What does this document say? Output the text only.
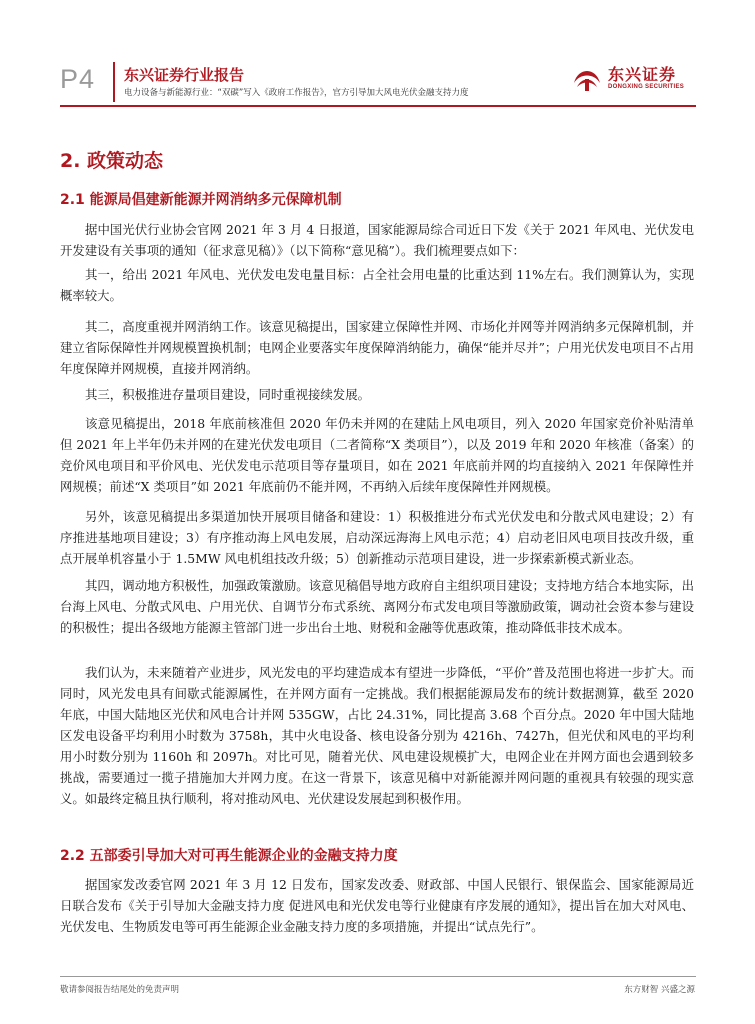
P4 东兴证券行业报告
电力设备与新能源行业：“双碳”写入《政府工作报告》，官方引导加大风电光伏金融支持力度
东兴证券
DONGXING SECURITIES
2. 政策动态
2.1 能源局倡建新能源并网消纳多元保障机制
据中国光伏行业协会官网 2021 年 3 月 4 日报道，国家能源局综合司近日下发《关于 2021 年风电、光伏发电开发建设有关事项的通知（征求意见稿）》（以下简称“意见稿”）。我们梳理要点如下：
其一，给出 2021 年风电、光伏发电发电量目标：占全社会用电量的比重达到 11%左右。我们测算认为，实现概率较大。
其二，高度重视并网消纳工作。该意见稿提出，国家建立保障性并网、市场化并网等并网消纳多元保障机制，并建立省际保障性并网规模置换机制；电网企业要落实年度保障消纳能力，确保“能并尽并”；户用光伏发电项目不占用年度保障并网规模，直接并网消纳。
其三，积极推进存量项目建设，同时重视接续发展。
该意见稿提出，2018 年底前核准但 2020 年仍未并网的在建陆上风电项目，列入 2020 年国家竞价补贴清单但 2021 年上半年仍未并网的在建光伏发电项目（二者简称“X 类项目”），以及 2019 年和 2020 年核准（备案）的竞价风电项目和平价风电、光伏发电示范项目等存量项目，如在 2021 年底前并网的均直接纳入 2021 年保障性并网规模；前述“X 类项目”如 2021 年底前仍不能并网，不再纳入后续年度保障性并网规模。
另外，该意见稿提出多渠道加快开展项目储备和建设：1）积极推进分布式光伏发电和分散式风电建设；2）有序推进基地项目建设；3）有序推动海上风电发展，启动深远海海上风电示范；4）启动老旧风电项目技改升级，重点开展单机容量小于 1.5MW 风电机组技改升级；5）创新推动示范项目建设，进一步探索新模式新业态。
其四，调动地方积极性，加强政策激励。该意见稿倡导地方政府自主组织项目建设；支持地方结合本地实际，出台海上风电、分散式风电、户用光伏、自调节分布式系统、离网分布式发电项目等激励政策，调动社会资本参与建设的积极性；提出各级地方能源主管部门进一步出台土地、财税和金融等优惠政策，推动降低非技术成本。
我们认为，未来随着产业进步，风光发电的平均建造成本有望进一步降低，“平价”普及范围也将进一步扩大。而同时，风光发电具有间歇式能源属性，在并网方面有一定挑战。我们根据能源局发布的统计数据测算，截至 2020 年底，中国大陆地区光伏和风电合计并网 535GW，占比 24.31%，同比提高 3.68 个百分点。2020 年中国大陆地区发电设备平均利用小时数为 3758h，其中火电设备、核电设备分别为 4216h、7427h，但光伏和风电的平均利用小时数分别为 1160h 和 2097h。对比可见，随着光伏、风电建设规模扩大，电网企业在并网方面也会遇到较多挑战，需要通过一揽子措施加大并网力度。在这一背景下，该意见稿中对新能源并网问题的重视具有较强的现实意义。如最终定稿且执行顺利，将对推动风电、光伏建设发展起到积极作用。
2.2 五部委引导加大对可再生能源企业的金融支持力度
据国家发改委官网 2021 年 3 月 12 日发布，国家发改委、财政部、中国人民银行、银保监会、国家能源局近日联合发布《关于引导加大金融支持力度 促进风电和光伏发电等行业健康有序发展的通知》，提出旨在加大对风电、光伏发电、生物质发电等可再生能源企业金融支持力度的多项措施，并提出“试点先行”。
敬请参阅报告结尾处的免责声明	东方财智 兴盛之源
